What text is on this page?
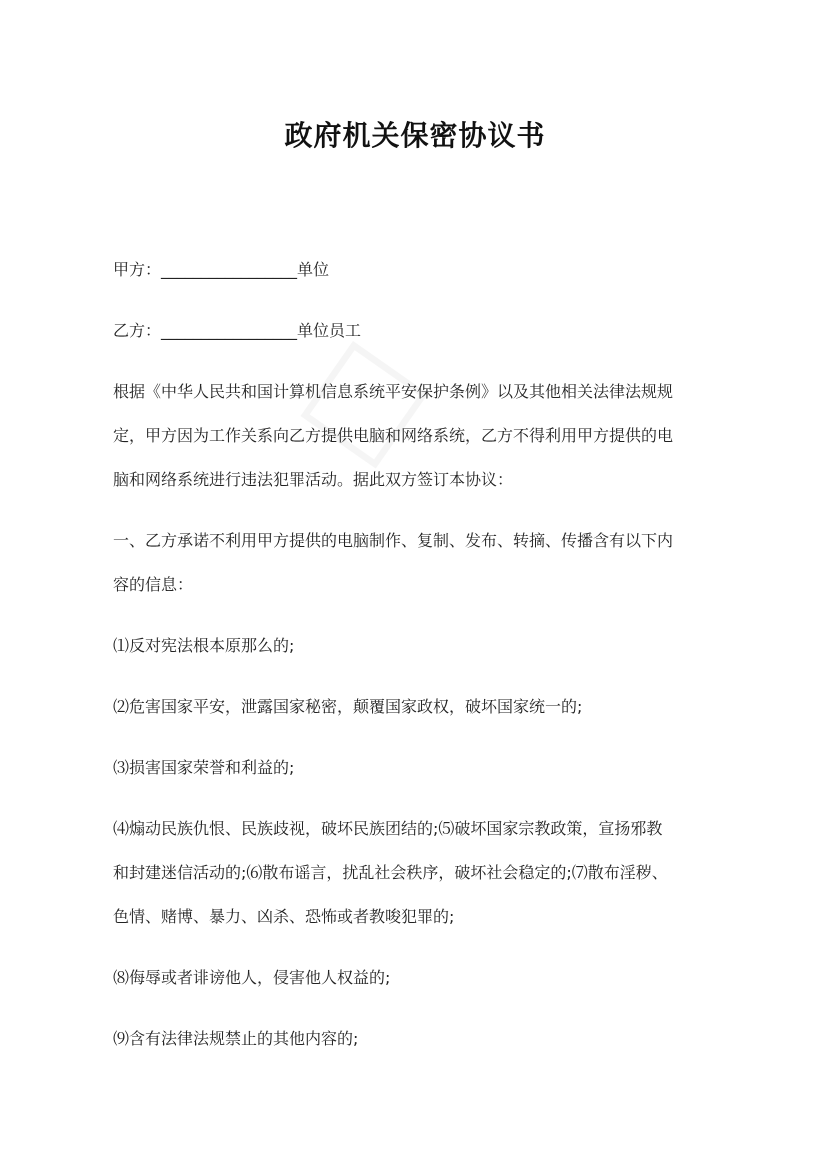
政府机关保密协议书
甲方：_________________单位
乙方：_________________单位员工
根据《中华人民共和国计算机信息系统平安保护条例》以及其他相关法律法规规
定，甲方因为工作关系向乙方提供电脑和网络系统，乙方不得利用甲方提供的电
脑和网络系统进行违法犯罪活动。据此双方签订本协议：
一、乙方承诺不利用甲方提供的电脑制作、复制、发布、转摘、传播含有以下内
容的信息：
⑴反对宪法根本原那么的;
⑵危害国家平安，泄露国家秘密，颠覆国家政权，破坏国家统一的;
⑶损害国家荣誉和利益的;
⑷煽动民族仇恨、民族歧视，破坏民族团结的;⑸破坏国家宗教政策，宣扬邪教
和封建迷信活动的;⑹散布谣言，扰乱社会秩序，破坏社会稳定的;⑺散布淫秽、
色情、赌博、暴力、凶杀、恐怖或者教唆犯罪的;
⑻侮辱或者诽谤他人，侵害他人权益的;
⑼含有法律法规禁止的其他内容的;
